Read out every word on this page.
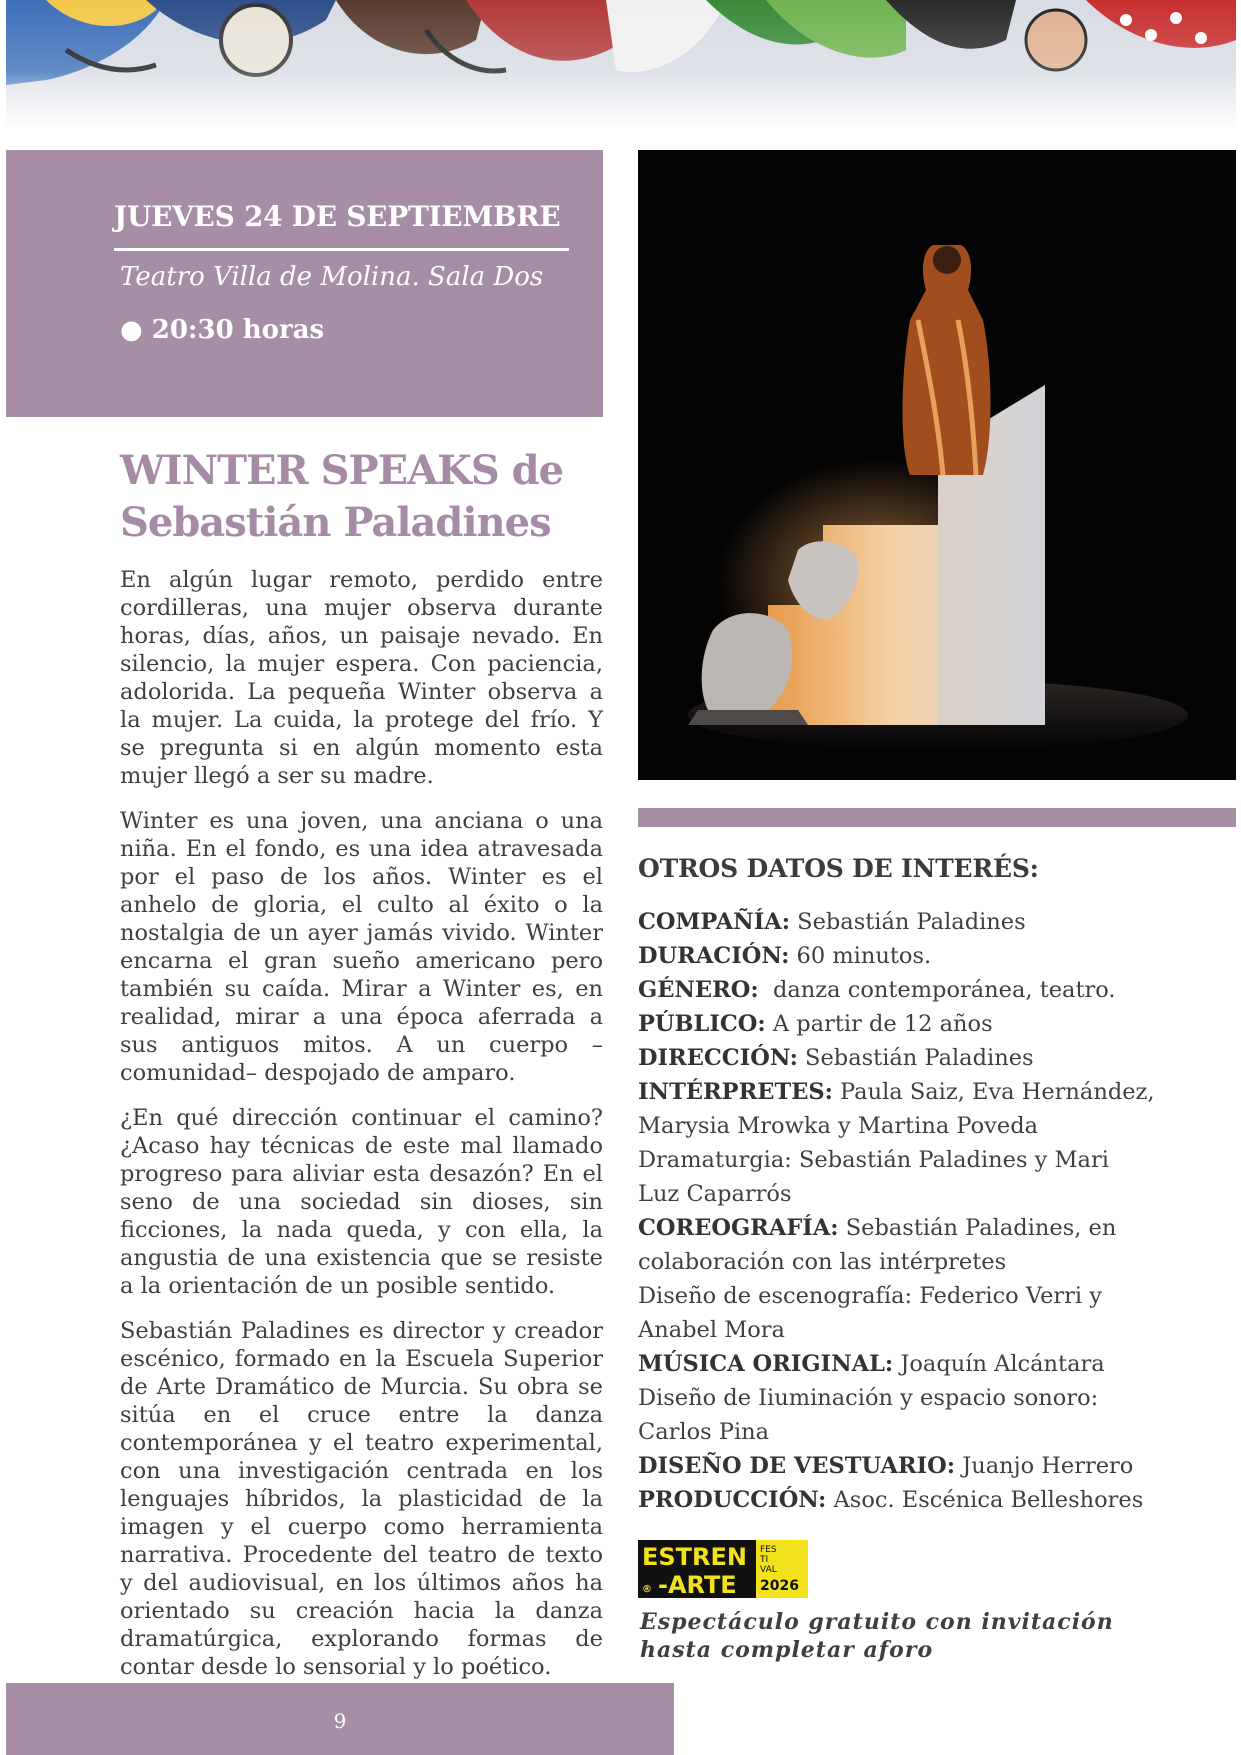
JUEVES 24 DE SEPTIEMBRE
Teatro Villa de Molina. Sala Dos
● 20:30 horas
WINTER SPEAKS de
Sebastián Paladines

En algún lugar remoto, perdido entre cordilleras, una mujer observa durante horas, días, años, un paisaje nevado. En silencio, la mujer espera. Con paciencia, adolorida. La pequeña Winter observa a la mujer. La cuida, la protege del frío. Y se pregunta si en algún momento esta mujer llegó a ser su madre.

Winter es una joven, una anciana o una niña. En el fondo, es una idea atravesada por el paso de los años. Winter es el anhelo de gloria, el culto al éxito o la nostalgia de un ayer jamás vivido. Winter encarna el gran sueño americano pero también su caída. Mirar a Winter es, en realidad, mirar a una época aferrada a sus antiguos mitos. A un cuerpo –comunidad– despojado de amparo.

¿En qué dirección continuar el camino? ¿Acaso hay técnicas de este mal llamado progreso para aliviar esta desazón? En el seno de una sociedad sin dioses, sin ficciones, la nada queda, y con ella, la angustia de una existencia que se resiste a la orientación de un posible sentido.

Sebastián Paladines es director y creador escénico, formado en la Escuela Superior de Arte Dramático de Murcia. Su obra se sitúa en el cruce entre la danza contemporánea y el teatro experimental, con una investigación centrada en los lenguajes híbridos, la plasticidad de la imagen y el cuerpo como herramienta narrativa. Procedente del teatro de texto y del audiovisual, en los últimos años ha orientado su creación hacia la danza dramatúrgica, explorando formas de contar desde lo sensorial y lo poético.

OTROS DATOS DE INTERÉS:
COMPAÑÍA: Sebastián Paladines
DURACIÓN: 60 minutos.
GÉNERO:  danza contemporánea, teatro.
PÚBLICO: A partir de 12 años
DIRECCIÓN: Sebastián Paladines
INTÉRPRETES: Paula Saiz, Eva Hernández,
Marysia Mrowka y Martina Poveda
Dramaturgia: Sebastián Paladines y Mari
Luz Caparrós
COREOGRAFÍA: Sebastián Paladines, en
colaboración con las intérpretes
Diseño de escenografía: Federico Verri y
Anabel Mora
MÚSICA ORIGINAL: Joaquín Alcántara
Diseño de Iiuminación y espacio sonoro:
Carlos Pina
DISEÑO DE VESTUARIO: Juanjo Herrero
PRODUCCIÓN: Asoc. Escénica Belleshores
ESTREN
® -ARTE
FES
TI
VAL
2026
Espectáculo gratuito con invitación
hasta completar aforo
9
